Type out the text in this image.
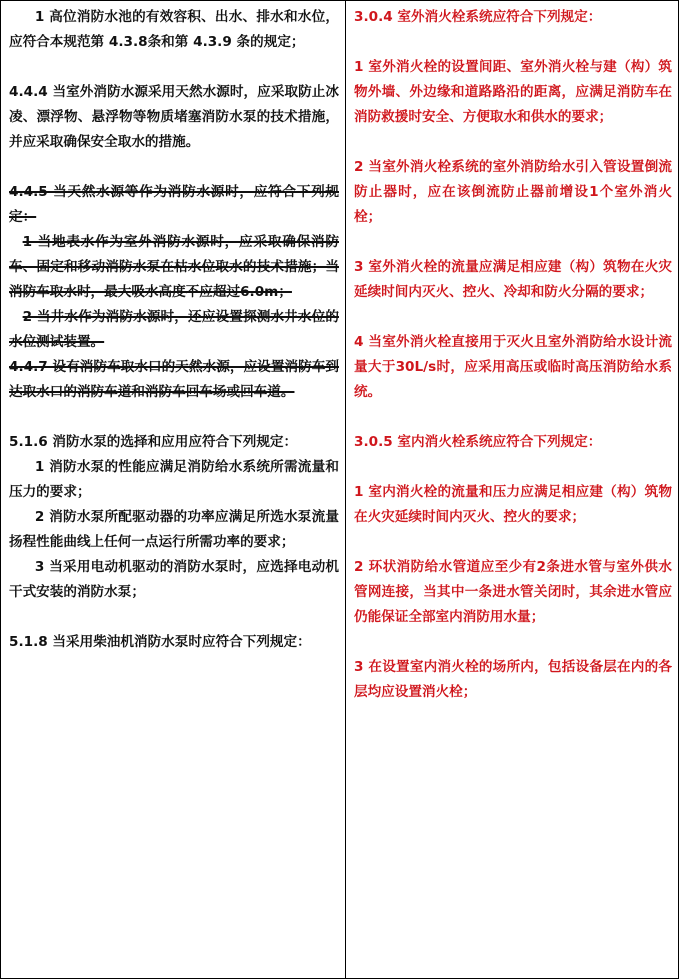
1 高位消防水池的有效容积、出水、排水和水位，应符合本规范第 4.3.8条和第 4.3.9 条的规定；

4.4.4 当室外消防水源采用天然水源时，应采取防止冰凌、漂浮物、悬浮物等物质堵塞消防水泵的技术措施，并应采取确保安全取水的措施。

4.4.5 当天然水源等作为消防水源时，应符合下列规定：

1 当地表水作为室外消防水源时，应采取确保消防车、固定和移动消防水泵在枯水位取水的技术措施；当消防车取水时，最大吸水高度不应超过6.0m；

2 当井水作为消防水源时，还应设置探测水井水位的水位测试装置。

4.4.7 设有消防车取水口的天然水源，应设置消防车到达取水口的消防车道和消防车回车场或回车道。

5.1.6 消防水泵的选择和应用应符合下列规定：

1 消防水泵的性能应满足消防给水系统所需流量和压力的要求；

2 消防水泵所配驱动器的功率应满足所选水泵流量扬程性能曲线上任何一点运行所需功率的要求；

3 当采用电动机驱动的消防水泵时，应选择电动机干式安装的消防水泵；

5.1.8 当采用柴油机消防水泵时应符合下列规定：

3.0.4 室外消火栓系统应符合下列规定：

1 室外消火栓的设置间距、室外消火栓与建（构）筑物外墙、外边缘和道路路沿的距离，应满足消防车在消防救援时安全、方便取水和供水的要求；

2 当室外消火栓系统的室外消防给水引入管设置倒流防止器时，应在该倒流防止器前增设1个室外消火栓；

3 室外消火栓的流量应满足相应建（构）筑物在火灾延续时间内灭火、控火、冷却和防火分隔的要求；

4 当室外消火栓直接用于灭火且室外消防给水设计流量大于30L/s时，应采用高压或临时高压消防给水系统。

3.0.5 室内消火栓系统应符合下列规定：

1 室内消火栓的流量和压力应满足相应建（构）筑物在火灾延续时间内灭火、控火的要求；

2 环状消防给水管道应至少有2条进水管与室外供水管网连接，当其中一条进水管关闭时，其余进水管应仍能保证全部室内消防用水量；

3 在设置室内消火栓的场所内，包括设备层在内的各层均应设置消火栓；
